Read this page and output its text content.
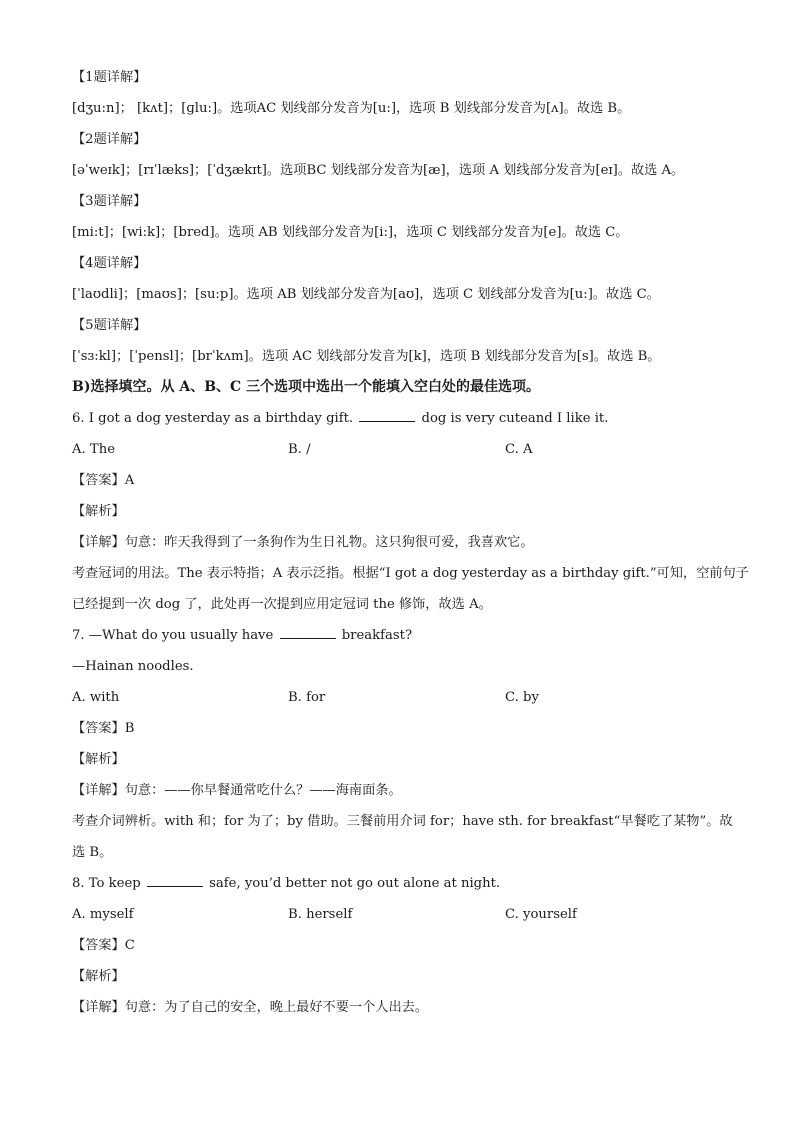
【1题详解】
[dʒu:n]； [kʌt]；[ɡlu:]。选项AC 划线部分发音为[u:]，选项 B 划线部分发音为[ʌ]。故选 B。
【2题详解】
[əˈweɪk]；[rɪˈlæks]；[ˈdʒækɪt]。选项BC 划线部分发音为[æ]，选项 A 划线部分发音为[eɪ]。故选 A。
【3题详解】
[mi:t]；[wi:k]；[bred]。选项 AB 划线部分发音为[i:]，选项 C 划线部分发音为[e]。故选 C。
【4题详解】
[ˈlaʊdli]；[maʊs]；[su:p]。选项 AB 划线部分发音为[aʊ]，选项 C 划线部分发音为[u:]。故选 C。
【5题详解】
[ˈsɜ:kl]；[ˈpensl]；[brˈkʌm]。选项 AC 划线部分发音为[k]，选项 B 划线部分发音为[s]。故选 B。
B)选择填空。从 A、B、C 三个选项中选出一个能填入空白处的最佳选项。
6. I got a dog yesterday as a birthday gift.	dog is very cuteand I like it.
A. The	B. /	C. A
【答案】A
【解析】
【详解】句意：昨天我得到了一条狗作为生日礼物。这只狗很可爱，我喜欢它。
考查冠词的用法。The 表示特指；A 表示泛指。根据“I got a dog yesterday as a birthday gift.”可知，空前句子
已经提到一次 dog 了，此处再一次提到应用定冠词 the 修饰，故选 A。
7. —What do you usually have	breakfast?
—Hainan noodles.
A. with	B. for	C. by
【答案】B
【解析】
【详解】句意：——你早餐通常吃什么？——海南面条。
考查介词辨析。with 和；for 为了；by 借助。三餐前用介词 for；have sth. for breakfast“早餐吃了某物”。故
选 B。
8. To keep	safe, you’d better not go out alone at night.
A. myself	B. herself	C. yourself
【答案】C
【解析】
【详解】句意：为了自己的安全，晚上最好不要一个人出去。
